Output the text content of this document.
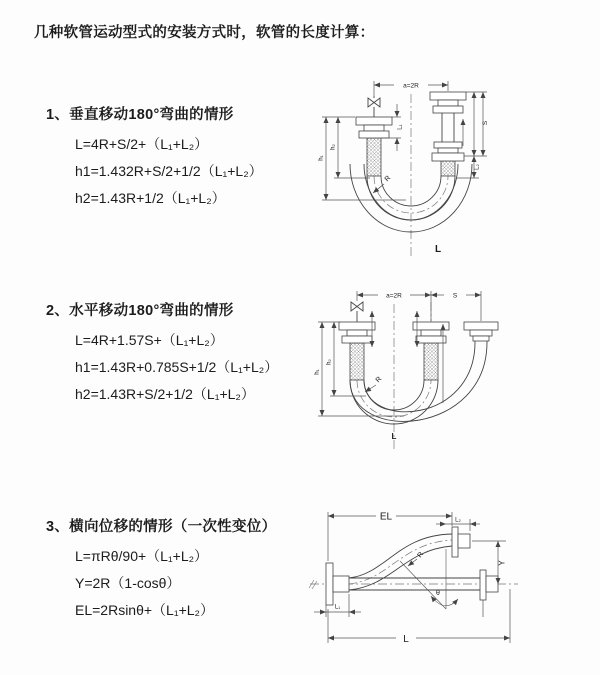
几种软管运动型式的安装方式时，软管的长度计算：
1、垂直移动180°弯曲的情形
L=4R+S/2+（L₁+L₂）
h1=1.432R+S/2+1/2（L₁+L₂）
h2=1.43R+1/2（L₁+L₂）
2、水平移动180°弯曲的情形
L=4R+1.57S+（L₁+L₂）
h1=1.43R+0.785S+1/2（L₁+L₂）
h2=1.43R+S/2+1/2（L₁+L₂）
3、横向位移的情形（一次性变位）
L=πRθ/90+（L₁+L₂）
Y=2R（1-cosθ）
EL=2Rsinθ+（L₁+L₂）
a=2R
L₁
h₁
h₂
S
L₂
R
L
a=2R	S
h₁
h₂
R
L
EL	L₂
Y
R
θ
L₁
L
